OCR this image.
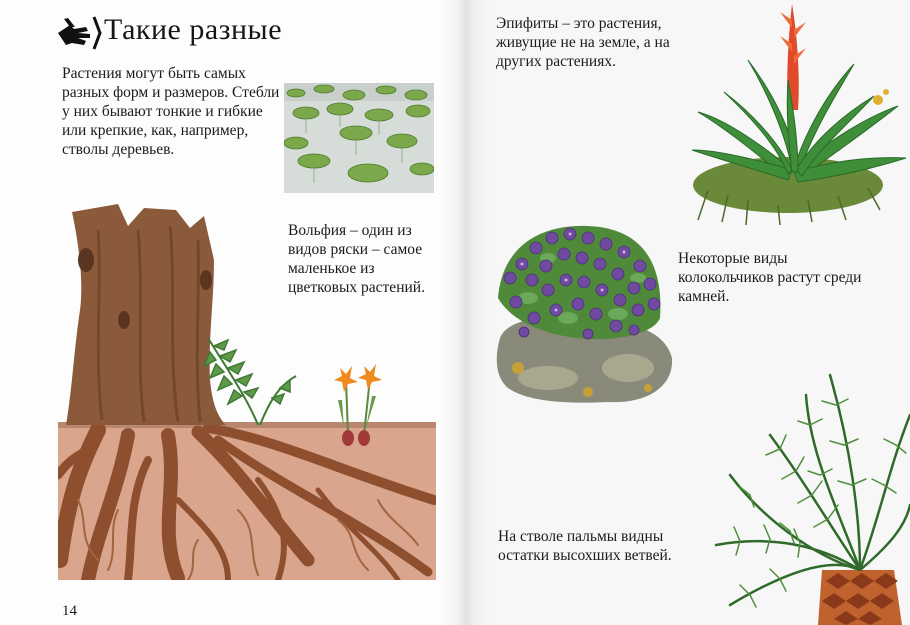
Такие разные

Растения могут быть самых разных форм и размеров. Стебли у них бывают тонкие и гибкие или крепкие, как, например, стволы деревьев.

Вольфия – один из видов ряски – самое маленькое из цветковых растений.

14

Эпифиты – это растения, живущие не на земле, а на других растениях.

Некоторые виды колокольчиков растут среди камней.

На стволе пальмы видны остатки высохших ветвей.
